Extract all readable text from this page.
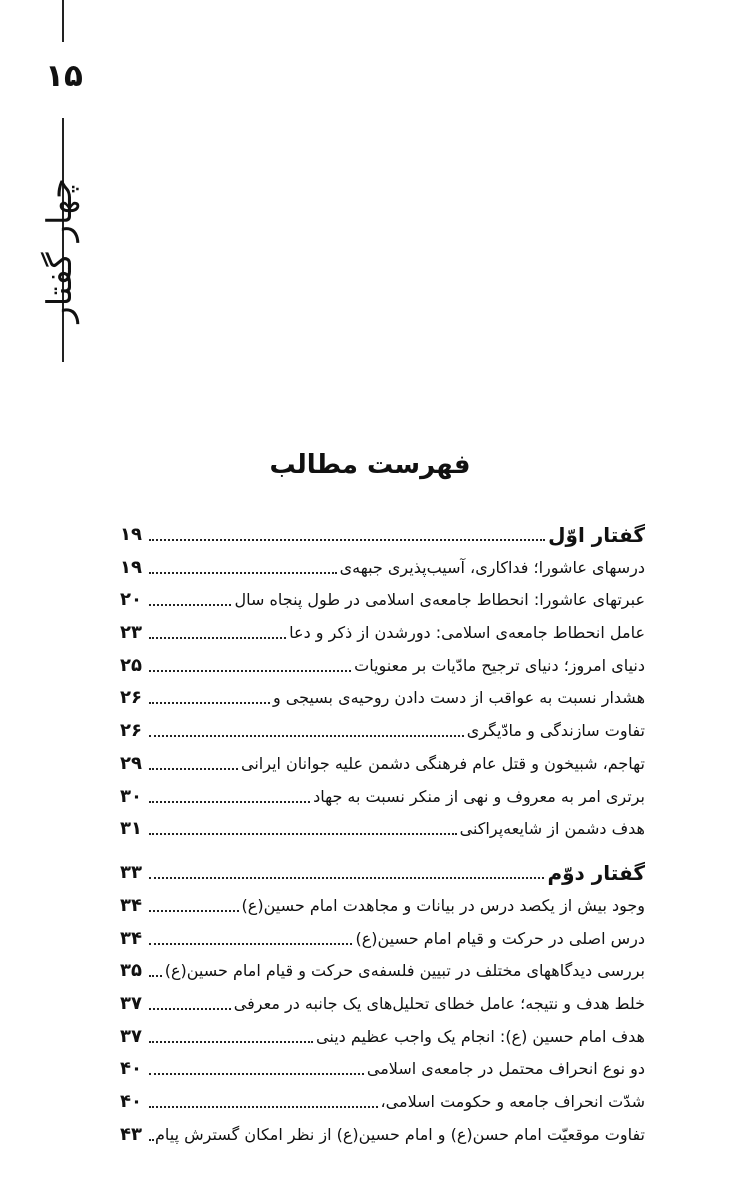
۱۵
چهار گفتار
فهرست مطالب
گفتار اوّل
۱۹
درسهای عاشورا؛ فداکاری، آسیب‌پذیری جبهه‌ی
۱۹
عبرتهای عاشورا: انحطاط جامعه‌ی اسلامی در طول پنجاه سال
۲۰
عامل انحطاط جامعه‌ی اسلامی: دورشدن از ذکر و دعا
۲۳
دنیای امروز؛ دنیای ترجیح مادّیات بر معنویات
۲۵
هشدار نسبت به عواقب از دست دادن روحیه‌ی بسیجی و
۲۶
تفاوت سازندگی و مادّیگری
۲۶
تهاجم، شبیخون و قتل عام فرهنگی دشمن علیه جوانان ایرانی
۲۹
برتری امر به معروف و نهی از منکر نسبت به جهاد
۳۰
هدف دشمن از شایعه‌پراکنی
۳۱
گفتار دوّم
۳۳
وجود بیش از یکصد درس در بیانات و مجاهدت امام حسین(ع)
۳۴
درس اصلی در حرکت و قیام امام حسین(ع)
۳۴
بررسی دیدگاههای مختلف در تبیین فلسفه‌ی حرکت و قیام امام حسین(ع)
۳۵
خلط هدف و نتیجه؛ عامل خطای تحلیل‌های یک جانبه در معرفی
۳۷
هدف امام حسین (ع): انجام یک واجب عظیم دینی
۳۷
دو نوع انحراف محتمل در جامعه‌ی اسلامی
۴۰
شدّت انحراف جامعه و حکومت اسلامی،
۴۰
تفاوت موقعیّت امام حسن(ع) و امام حسین(ع) از نظر امکان گسترش پیام
۴۳
